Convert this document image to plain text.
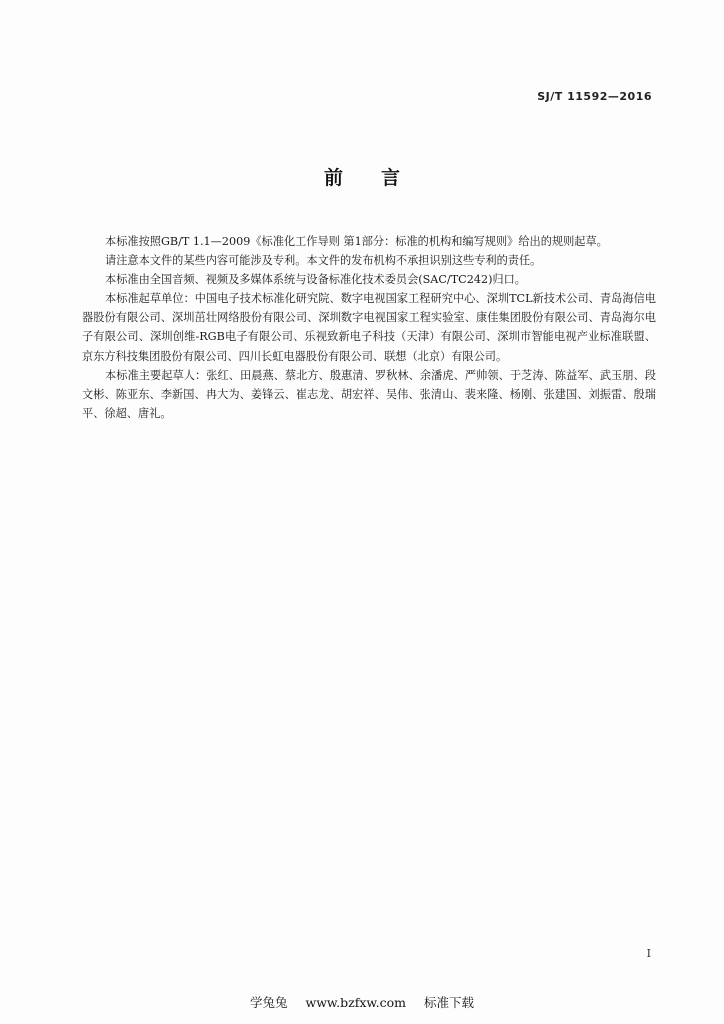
SJ/T 11592—2016
前言

本标准按照GB/T 1.1—2009《标准化工作导则 第1部分：标准的机构和编写规则》给出的规则起草。

请注意本文件的某些内容可能涉及专利。本文件的发布机构不承担识别这些专利的责任。

本标准由全国音频、视频及多媒体系统与设备标准化技术委员会(SAC/TC242)归口。

本标准起草单位：中国电子技术标准化研究院、数字电视国家工程研究中心、深圳TCL新技术公司、青岛海信电器股份有限公司、深圳茁壮网络股份有限公司、深圳数字电视国家工程实验室、康佳集团股份有限公司、青岛海尔电子有限公司、深圳创维-RGB电子有限公司、乐视致新电子科技（天津）有限公司、深圳市智能电视产业标准联盟、京东方科技集团股份有限公司、四川长虹电器股份有限公司、联想（北京）有限公司。

本标准主要起草人：张红、田晨燕、蔡北方、殷惠清、罗秋林、余潘虎、严帅领、于芝涛、陈益军、武玉朋、段文彬、陈亚东、李新国、冉大为、姜锋云、崔志龙、胡宏祥、吴伟、张清山、裴来隆、杨刚、张建国、刘振雷、殷瑞平、徐超、唐礼。

I
学兔兔 www.bzfxw.com 标准下载
